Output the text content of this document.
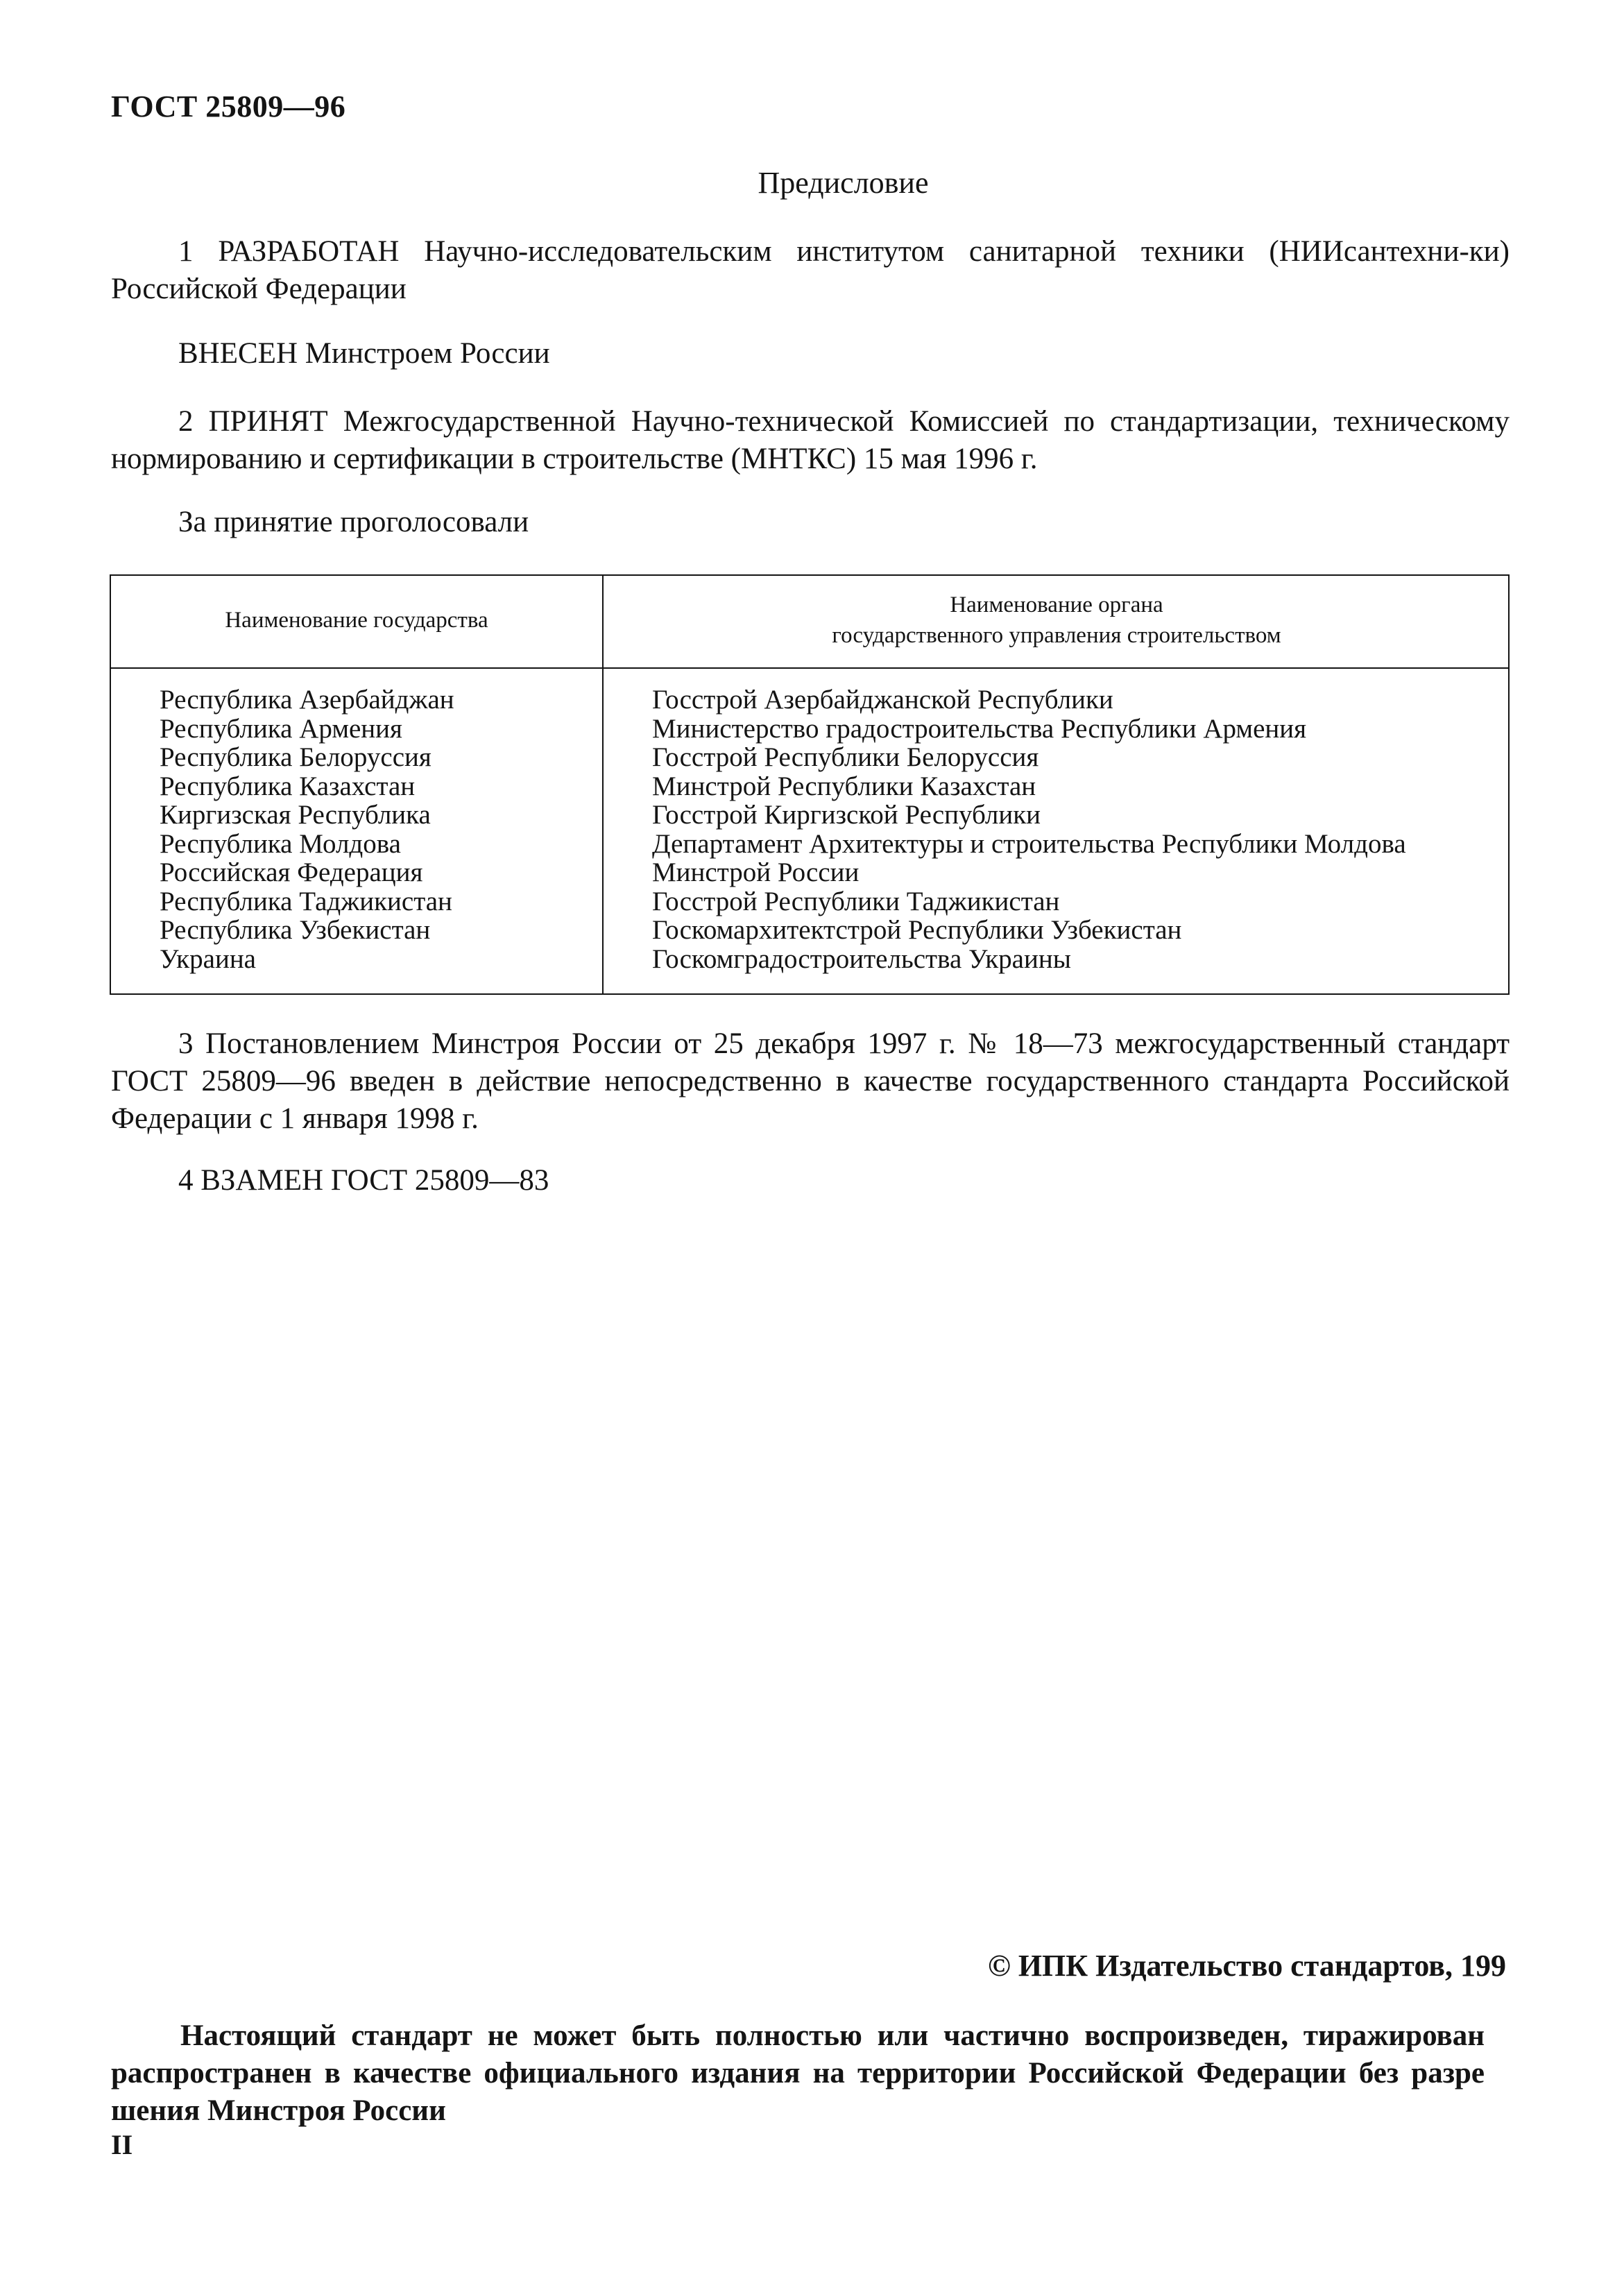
ГОСТ 25809—96
Предисловие
1 РАЗРАБОТАН Научно-исследовательским институтом санитарной техники (НИИсантехни-ки) Российской Федерации
ВНЕСЕН Минстроем России
2 ПРИНЯТ Межгосударственной Научно-технической Комиссией по стандартизации, техническому нормированию и сертификации в строительстве (МНТКС) 15 мая 1996 г.
За принятие проголосовали
Наименование государства
Наименование органа
государственного управления строительством
Республика Азербайджан
Республика Армения
Республика Белоруссия
Республика Казахстан
Киргизская Республика
Республика Молдова
Российская Федерация
Республика Таджикистан
Республика Узбекистан
Украина
Госстрой Азербайджанской Республики
Министерство градостроительства Республики Армения
Госстрой Республики Белоруссия
Минстрой Республики Казахстан
Госстрой Киргизской Республики
Департамент Архитектуры и строительства Республики Молдова
Минстрой России
Госстрой Республики Таджикистан
Госкомархитектстрой Республики Узбекистан
Госкомградостроительства Украины
3 Постановлением Минстроя России от 25 декабря 1997 г. № 18—73 межгосударственный стандарт ГОСТ 25809—96 введен в действие непосредственно в качестве государственного стандарта Российской Федерации с 1 января 1998 г.
4 ВЗАМЕН ГОСТ 25809—83
© ИПК Издательство стандартов, 199
Настоящий стандарт не может быть полностью или частично воспроизведен, тиражирован распространен в качестве официального издания на территории Российской Федерации без разре шения Минстроя России
II
